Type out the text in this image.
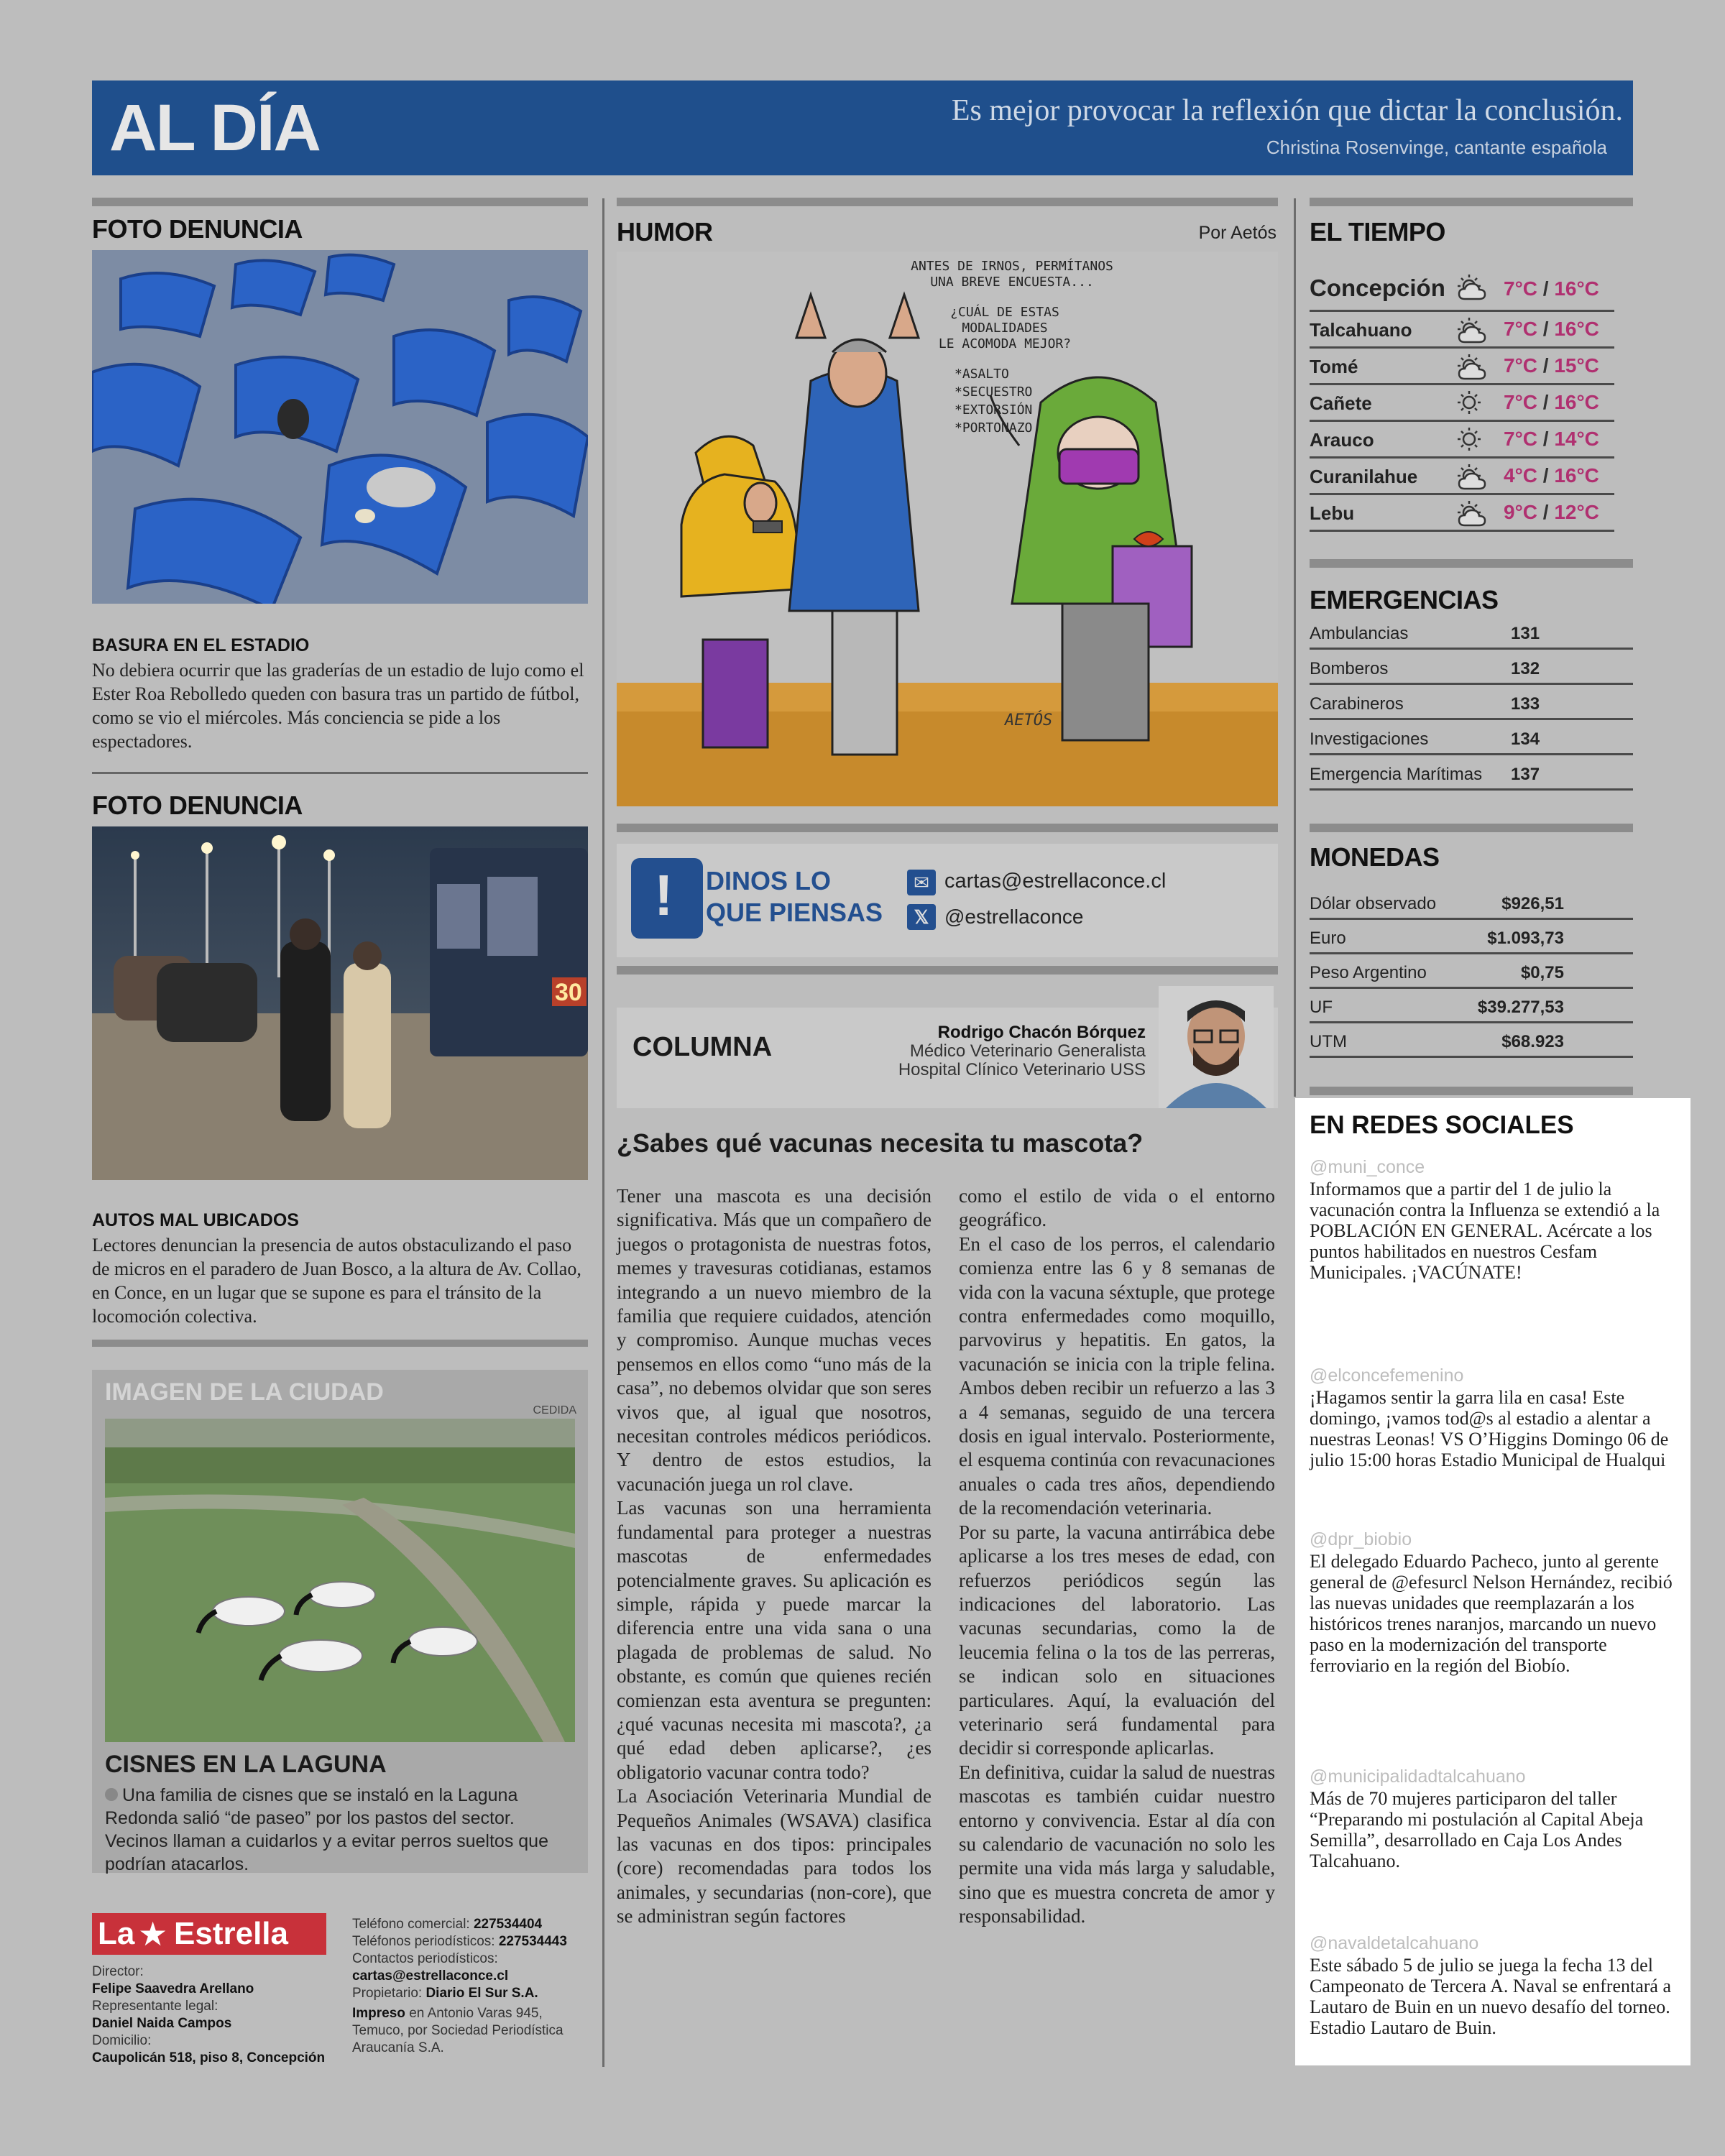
AL DÍA	Es mejor provocar la reflexión que dictar la conclusión.
Christina Rosenvinge, cantante española
FOTO DENUNCIA
BASURA EN EL ESTADIO
No debiera ocurrir que las graderías de un estadio de lujo como el Ester Roa Rebolledo queden con basura tras un partido de fútbol, como se vio el miércoles. Más conciencia se pide a los espectadores.
FOTO DENUNCIA
30
AUTOS MAL UBICADOS
Lectores denuncian la presencia de autos obstaculizando el paso de micros en el paradero de Juan Bosco, a la altura de Av. Collao, en Conce, en un lugar que se supone es para el tránsito de la locomoción colectiva.
IMAGEN DE LA CIUDAD
CEDIDA
CISNES EN LA LAGUNA
Una familia de cisnes que se instaló en la Laguna Redonda salió “de paseo” por los pastos del sector. Vecinos llaman a cuidarlos y a evitar perros sueltos que podrían atacarlos.
La ★ Estrella
Director:
Felipe Saavedra Arellano
Representante legal:
Daniel Naida Campos
Domicilio:
Caupolicán 518, piso 8, Concepción
Teléfono comercial: 227534404
Teléfonos periodísticos: 227534443
Contactos periodísticos:
cartas@estrellaconce.cl
Propietario: Diario El Sur S.A.
Impreso en Antonio Varas 945, Temuco, por Sociedad Periodística Araucanía S.A.
HUMOR	Por Aetós
ANTES DE IRNOS, PERMÍTANOS UNA BREVE ENCUESTA...
¿CUÁL DE ESTAS
MODALIDADES
LE ACOMODA MEJOR?
*ASALTO
*SECUESTRO
*EXTORSIÓN
*PORTONAZO
AETÓS
! DINOS LO
QUE PIENSAS
✉ cartas@estrellaconce.cl
𝕏 @estrellaconce
COLUMNA	Rodrigo Chacón Bórquez
Médico Veterinario Generalista
Hospital Clínico Veterinario USS
¿Sabes qué vacunas necesita tu mascota?

Tener una mascota es una decisión significativa. Más que un compañero de juegos o protagonista de nuestras fotos, memes y travesuras cotidianas, estamos integrando a un nuevo miembro de la familia que requiere cuidados, atención y compromiso. Aunque muchas veces pensemos en ellos como “uno más de la casa”, no debemos olvidar que son seres vivos que, al igual que nosotros, necesitan controles médicos periódicos. Y dentro de estos estudios, la vacunación juega un rol clave.

Las vacunas son una herramienta fundamental para proteger a nuestras mascotas de enfermedades potencialmente graves. Su aplicación es simple, rápida y puede marcar la diferencia entre una vida sana o una plagada de problemas de salud. No obstante, es común que quienes recién comienzan esta aventura se pregunten: ¿qué vacunas necesita mi mascota?, ¿a qué edad deben aplicarse?, ¿es obligatorio vacunar contra todo?

La Asociación Veterinaria Mundial de Pequeños Animales (WSAVA) clasifica las vacunas en dos tipos: principales (core) recomendadas para todos los animales, y secundarias (non-core), que se administran según factores

como el estilo de vida o el entorno geográfico.

En el caso de los perros, el calendario comienza entre las 6 y 8 semanas de vida con la vacuna séxtuple, que protege contra enfermedades como moquillo, parvovirus y hepatitis. En gatos, la vacunación se inicia con la triple felina. Ambos deben recibir un refuerzo a las 3 a 4 semanas, seguido de una tercera dosis en igual intervalo. Posteriormente, el esquema continúa con revacunaciones anuales o cada tres años, dependiendo de la recomendación veterinaria.

Por su parte, la vacuna antirrábica debe aplicarse a los tres meses de edad, con refuerzos periódicos según las indicaciones del laboratorio. Las vacunas secundarias, como la de leucemia felina o la tos de las perreras, se indican solo en situaciones particulares. Aquí, la evaluación del veterinario será fundamental para decidir si corresponde aplicarlas.

En definitiva, cuidar la salud de nuestras mascotas es también cuidar nuestro entorno y convivencia. Estar al día con su calendario de vacunación no solo les permite una vida más larga y saludable, sino que es muestra concreta de amor y responsabilidad.

EL TIEMPO
Concepción	7°C / 16°C
Talcahuano	7°C / 16°C
Tomé	7°C / 15°C
Cañete	7°C / 16°C
Arauco	7°C / 14°C
Curanilahue	4°C / 16°C
Lebu	9°C / 12°C
EMERGENCIAS
Ambulancias	131
Bomberos	132
Carabineros	133
Investigaciones	134
Emergencia Marítimas 137
MONEDAS
Dólar observado	$926,51
Euro	$1.093,73
Peso Argentino	$0,75
UF	$39.277,53
UTM	$68.923
EN REDES SOCIALES
@muni_conce
Informamos que a partir del 1 de julio la vacunación contra la Influenza se extendió a la POBLACIÓN EN GENERAL. Acércate a los puntos habilitados en nuestros Cesfam Municipales. ¡VACÚNATE!
@elconcefemenino
¡Hagamos sentir la garra lila en casa! Este domingo, ¡vamos tod@s al estadio a alentar a nuestras Leonas! VS O’Higgins Domingo 06 de julio 15:00 horas Estadio Municipal de Hualqui
@dpr_biobio
El delegado Eduardo Pacheco, junto al gerente general de @efesurcl Nelson Hernández, recibió las nuevas unidades que reemplazarán a los históricos trenes naranjos, marcando un nuevo paso en la modernización del transporte ferroviario en la región del Biobío.
@municipalidadtalcahuano
Más de 70 mujeres participaron del taller “Preparando mi postulación al Capital Abeja Semilla”, desarrollado en Caja Los Andes Talcahuano.
@navaldetalcahuano
Este sábado 5 de julio se juega la fecha 13 del Campeonato de Tercera A. Naval se enfrentará a Lautaro de Buin en un nuevo desafío del torneo. Estadio Lautaro de Buin.
